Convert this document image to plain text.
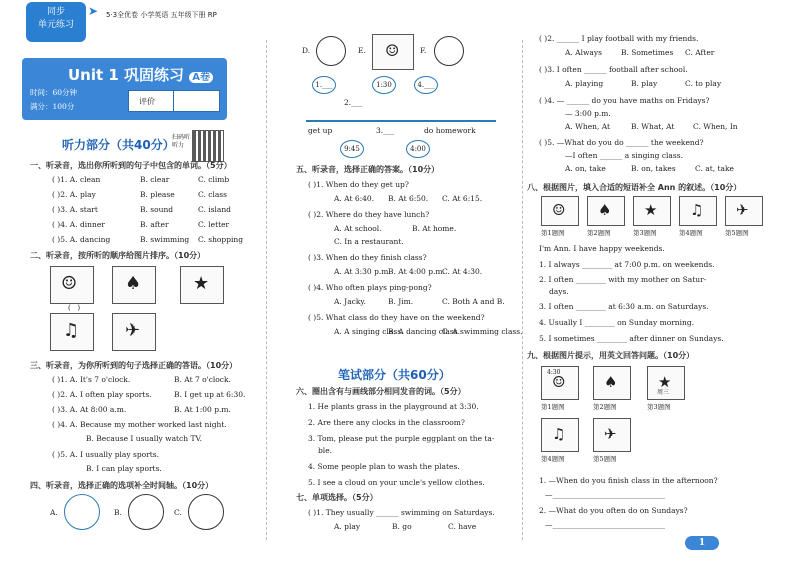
同步
单元练习
➤ 5·3全优卷 小学英语 五年级下册 RP
Unit 1 巩固练习 A卷
时间：60分钟
满分：100分
评价
听力部分（共40分）
扫码听听力
一、听录音，选出你所听到的句子中包含的单词。（5分）
( )1. A. clean	B. clear	C. climb
( )2. A. play	B. please	C. class
( )3. A. start	B. sound	C. island
( )4. A. dinner	B. after	C. letter
( )5. A. dancing	B. swimming C. shopping
二、听录音，按所听的顺序给图片排序。（10分）
☺	♠	★
♫	✈
(   )
三、听录音，为你所听到的句子选择正确的答语。（10分）
( )1. A. It's 7 o'clock.	B. At 7 o'clock.
( )2. A. I often play sports.	B. I get up at 6:30.
( )3. A. At 8:00 a.m.	B. At 1:00 p.m.
( )4. A. Because my mother worked last night.
B. Because I usually watch TV.
( )5. A. I usually play sports.
B. I can play sports.
四、听录音，选择正确的选项补全时间轴。（10分）
A.	B.	C.
D.	E. ☺	F.
1.___	1:30
2.___
4.___
get up	3.___	do homework
9:45	4:00
五、听录音，选择正确的答案。（10分）
( )1. When do they get up?
A. At 6:40. B. At 6:50. C. At 6:15.
( )2. Where do they have lunch?
A. At school.	B. At home.
C. In a restaurant.
( )3. When do they finish class?
A. At 3:30 p.m.
B. At 4:00 p.m.
C. At 4:30.
( )4. Who often plays ping-pong?
A. Jacky.	B. Jim.	C. Both A and B.
( )5. What class do they have on the weekend?
A. A singing class.
B. A dancing class.
C. A swimming class.
笔试部分（共60分）
六、圈出含有与画线部分相同发音的词。（5分）
1. He plants grass in the playground at 3:30.
2. Are there any clocks in the classroom?
3. Tom, please put the purple eggplant on the ta-
ble.
4. Some people plan to wash the plates.
5. I see a cloud on your uncle's yellow clothes.
七、单项选择。（5分）
( )1. They usually ______ swimming on Saturdays.
A. play	B. go	C. have
( )2. ______ I play football with my friends.
A. Always	B. Sometimes C. After
( )3. I often ______ football after school.
A. playing	B. play	C. to play
( )4. — ______ do you have maths on Fridays?
— 3:00 p.m.
A. When, At	B. What, At C. When, In
( )5. —What do you do ______ the weekend?
—I often ______ a singing class.
A. on, take	B. on, takes	C. at, take
八、根据图片，填入合适的短语补全 Ann 的叙述。（10分）
☺
第1题图
♠
第2题图
★
第3题图
♫
第4题图
✈
第5题图
I'm Ann. I have happy weekends.
1. I always ________ at 7:00 p.m. on weekends.
2. I often ________ with my mother on Satur-
days.
3. I often ________ at 6:30 a.m. on Saturdays.
4. Usually I ________ on Sunday morning.
5. I sometimes ________ after dinner on Sundays.
九、根据图片提示，用英文回答问题。（10分）
☺
第1题图
♠
第2题图
★
第3题图
♫
第4题图
✈
第5题图
4:30
周三
1. —When do you finish class in the afternoon?
—______________________________
2. —What do you often do on Sundays?
—______________________________
1
